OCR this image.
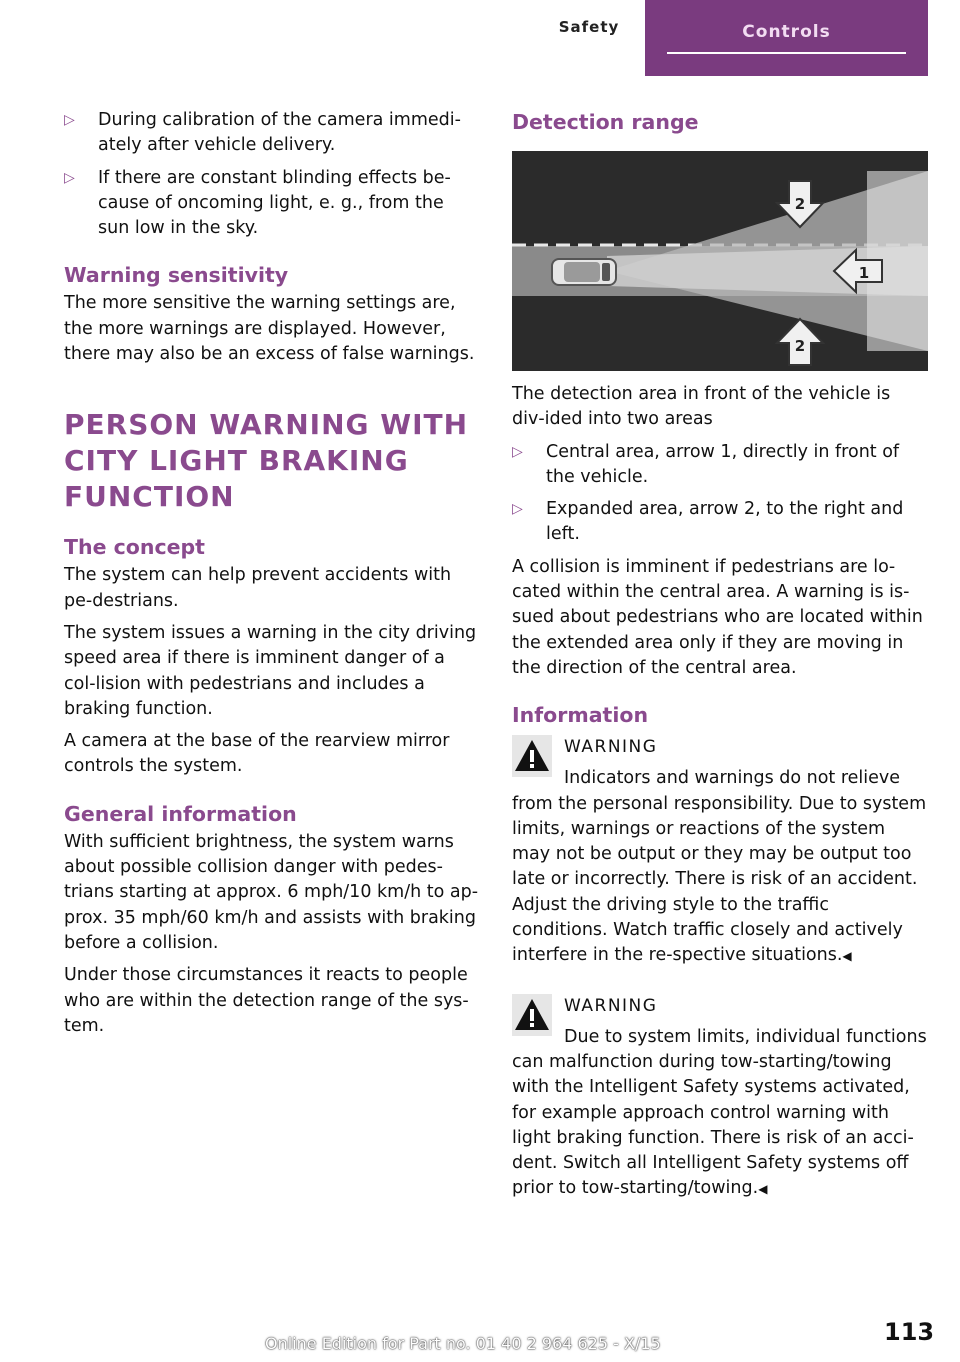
Safety	Controls
▷	During calibration of the camera immedi‐ately after vehicle delivery.
▷	If there are constant blinding effects be‐cause of oncoming light, e. g., from the sun low in the sky.
Warning sensitivity

The more sensitive the warning settings are, the more warnings are displayed. However, there may also be an excess of false warnings.

PERSON WARNING WITH CITY LIGHT BRAKING FUNCTION
The concept

The system can help prevent accidents with pe‐destrians.

The system issues a warning in the city driving speed area if there is imminent danger of a col‐lision with pedestrians and includes a braking function.

A camera at the base of the rearview mirror controls the system.

General information

With sufficient brightness, the system warns about possible collision danger with pedes‐trians starting at approx. 6 mph/10 km/h to ap‐prox. 35 mph/60 km/h and assists with braking before a collision.

Under those circumstances it reacts to people who are within the detection range of the sys‐tem.

Detection range
1
2
2

The detection area in front of the vehicle is div‐ided into two areas

▷	Central area, arrow 1, directly in front of the vehicle.
▷	Expanded area, arrow 2, to the right and left.

A collision is imminent if pedestrians are lo‐cated within the central area. A warning is is‐sued about pedestrians who are located within the extended area only if they are moving in the direction of the central area.

Information
WARNING

Indicators and warnings do not relieve from the personal responsibility. Due to system limits, warnings or reactions of the system may not be output or they may be output too late or incorrectly. There is risk of an accident. Adjust the driving style to the traffic conditions. Watch traffic closely and actively interfere in the re‐spective situations.◀

WARNING

Due to system limits, individual functions can malfunction during tow-starting/towing with the Intelligent Safety systems activated, for example approach control warning with light braking function. There is risk of an acci‐dent. Switch all Intelligent Safety systems off prior to tow-starting/towing.◀

113
Online Edition for Part no. 01 40 2 964 625 - X/15
